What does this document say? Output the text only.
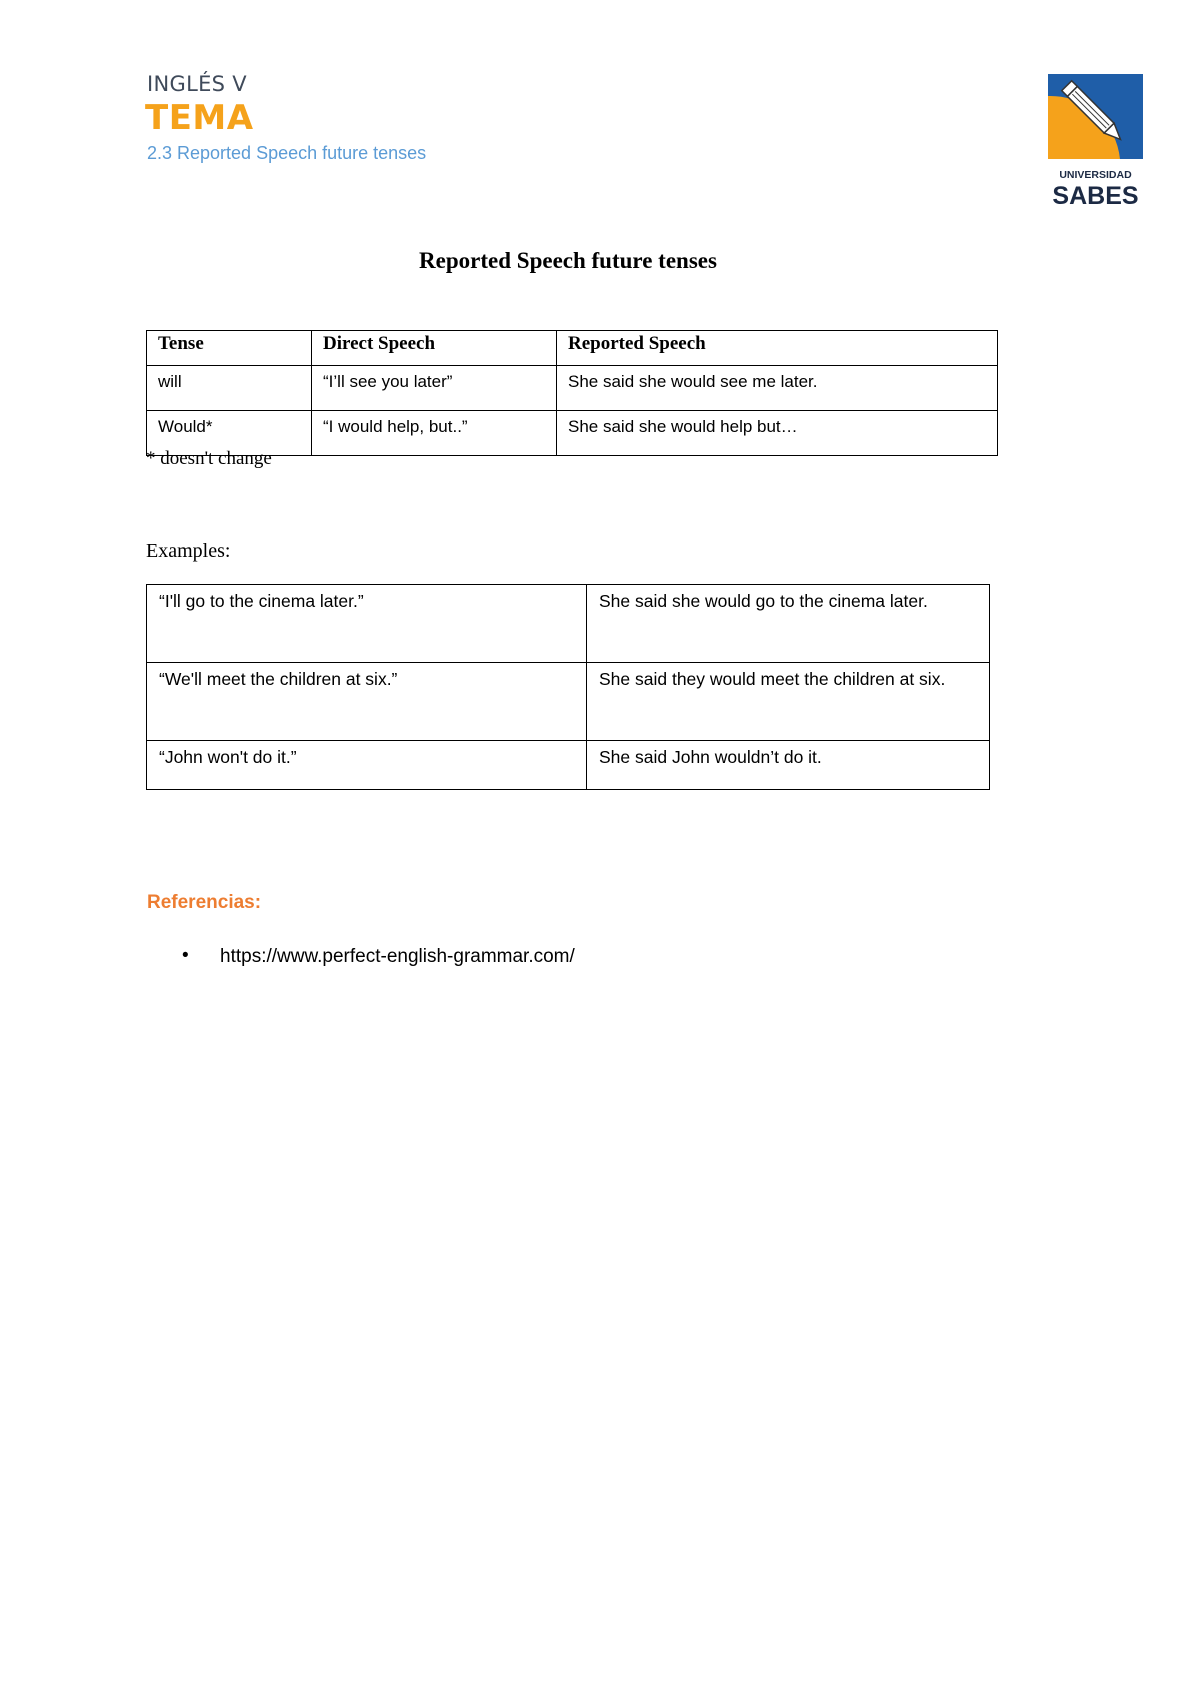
INGLÉS V
TEMA
2.3 Reported Speech future tenses
UNIVERSIDAD
SABES
Reported Speech future tenses
Tense	Direct Speech	Reported Speech
will	“I’ll see you later”	She said she would see me later.
Would*	“I would help, but..”	She said she would help but…
* doesn't change
Examples:
“I'll go to the cinema later.”	She said she would go to the cinema later.
“We'll meet the children at six.”	She said they would meet the children at six.
“John won't do it.”	She said John wouldn’t do it.
Referencias:
• https://www.perfect-english-grammar.com/
